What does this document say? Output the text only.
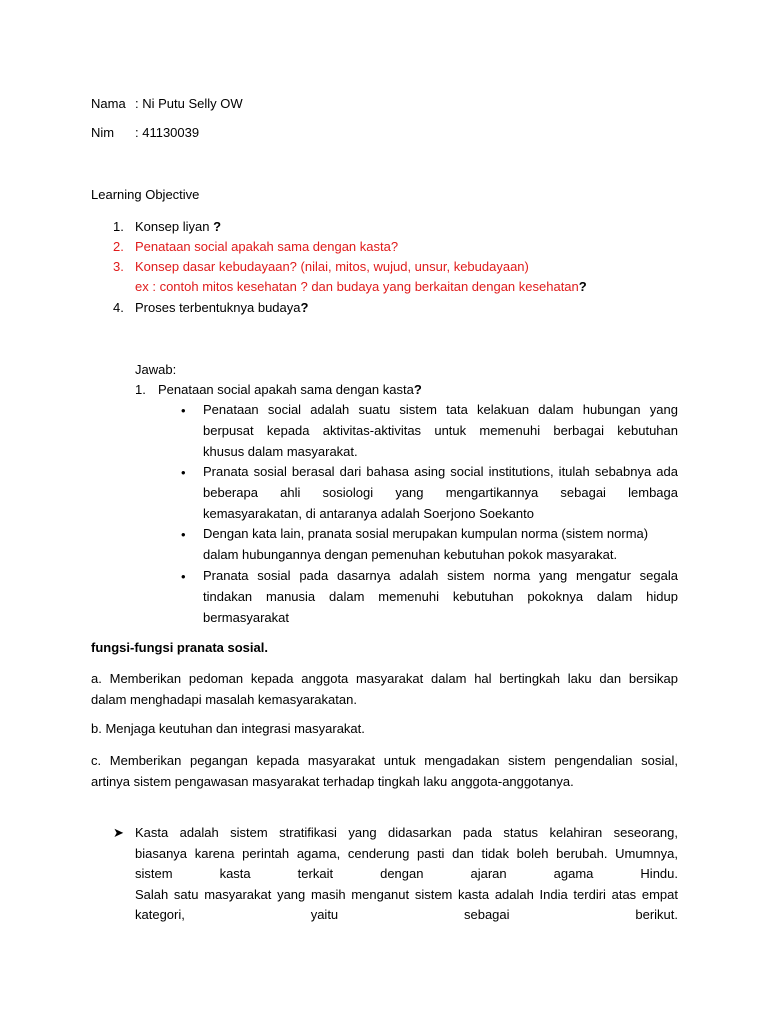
Nama : Ni Putu Selly OW
Nim : 41130039
Learning Objective
1. Konsep liyan ?
2. Penataan social apakah sama dengan kasta?
3. Konsep dasar kebudayaan? (nilai, mitos, wujud, unsur, kebudayaan)
ex : contoh mitos kesehatan ? dan budaya yang berkaitan dengan kesehatan?
4. Proses terbentuknya budaya?
Jawab:
1. Penataan social apakah sama dengan kasta?
• Penataan social adalah suatu sistem tata kelakuan dalam hubungan yang
berpusat kepada aktivitas-aktivitas untuk memenuhi berbagai kebutuhan
khusus dalam masyarakat.
• Pranata sosial berasal dari bahasa asing social institutions, itulah sebabnya ada
beberapa ahli sosiologi yang mengartikannya sebagai lembaga
kemasyarakatan, di antaranya adalah Soerjono Soekanto
• Dengan kata lain, pranata sosial merupakan kumpulan norma (sistem norma)
dalam hubungannya dengan pemenuhan kebutuhan pokok masyarakat.
• Pranata sosial pada dasarnya adalah sistem norma yang mengatur segala
tindakan manusia dalam memenuhi kebutuhan pokoknya dalam hidup
bermasyarakat
fungsi-fungsi pranata sosial.
a. Memberikan pedoman kepada anggota masyarakat dalam hal bertingkah laku dan bersikap
dalam menghadapi masalah kemasyarakatan.
b. Menjaga keutuhan dan integrasi masyarakat.
c. Memberikan pegangan kepada masyarakat untuk mengadakan sistem pengendalian sosial,
artinya sistem pengawasan masyarakat terhadap tingkah laku anggota-anggotanya.
➤ Kasta adalah sistem stratifikasi yang didasarkan pada status kelahiran seseorang,
biasanya karena perintah agama, cenderung pasti dan tidak boleh berubah. Umumnya,
sistem kasta terkait dengan ajaran agama Hindu.
Salah satu masyarakat yang masih menganut sistem kasta adalah India terdiri atas empat
kategori, yaitu sebagai berikut.
